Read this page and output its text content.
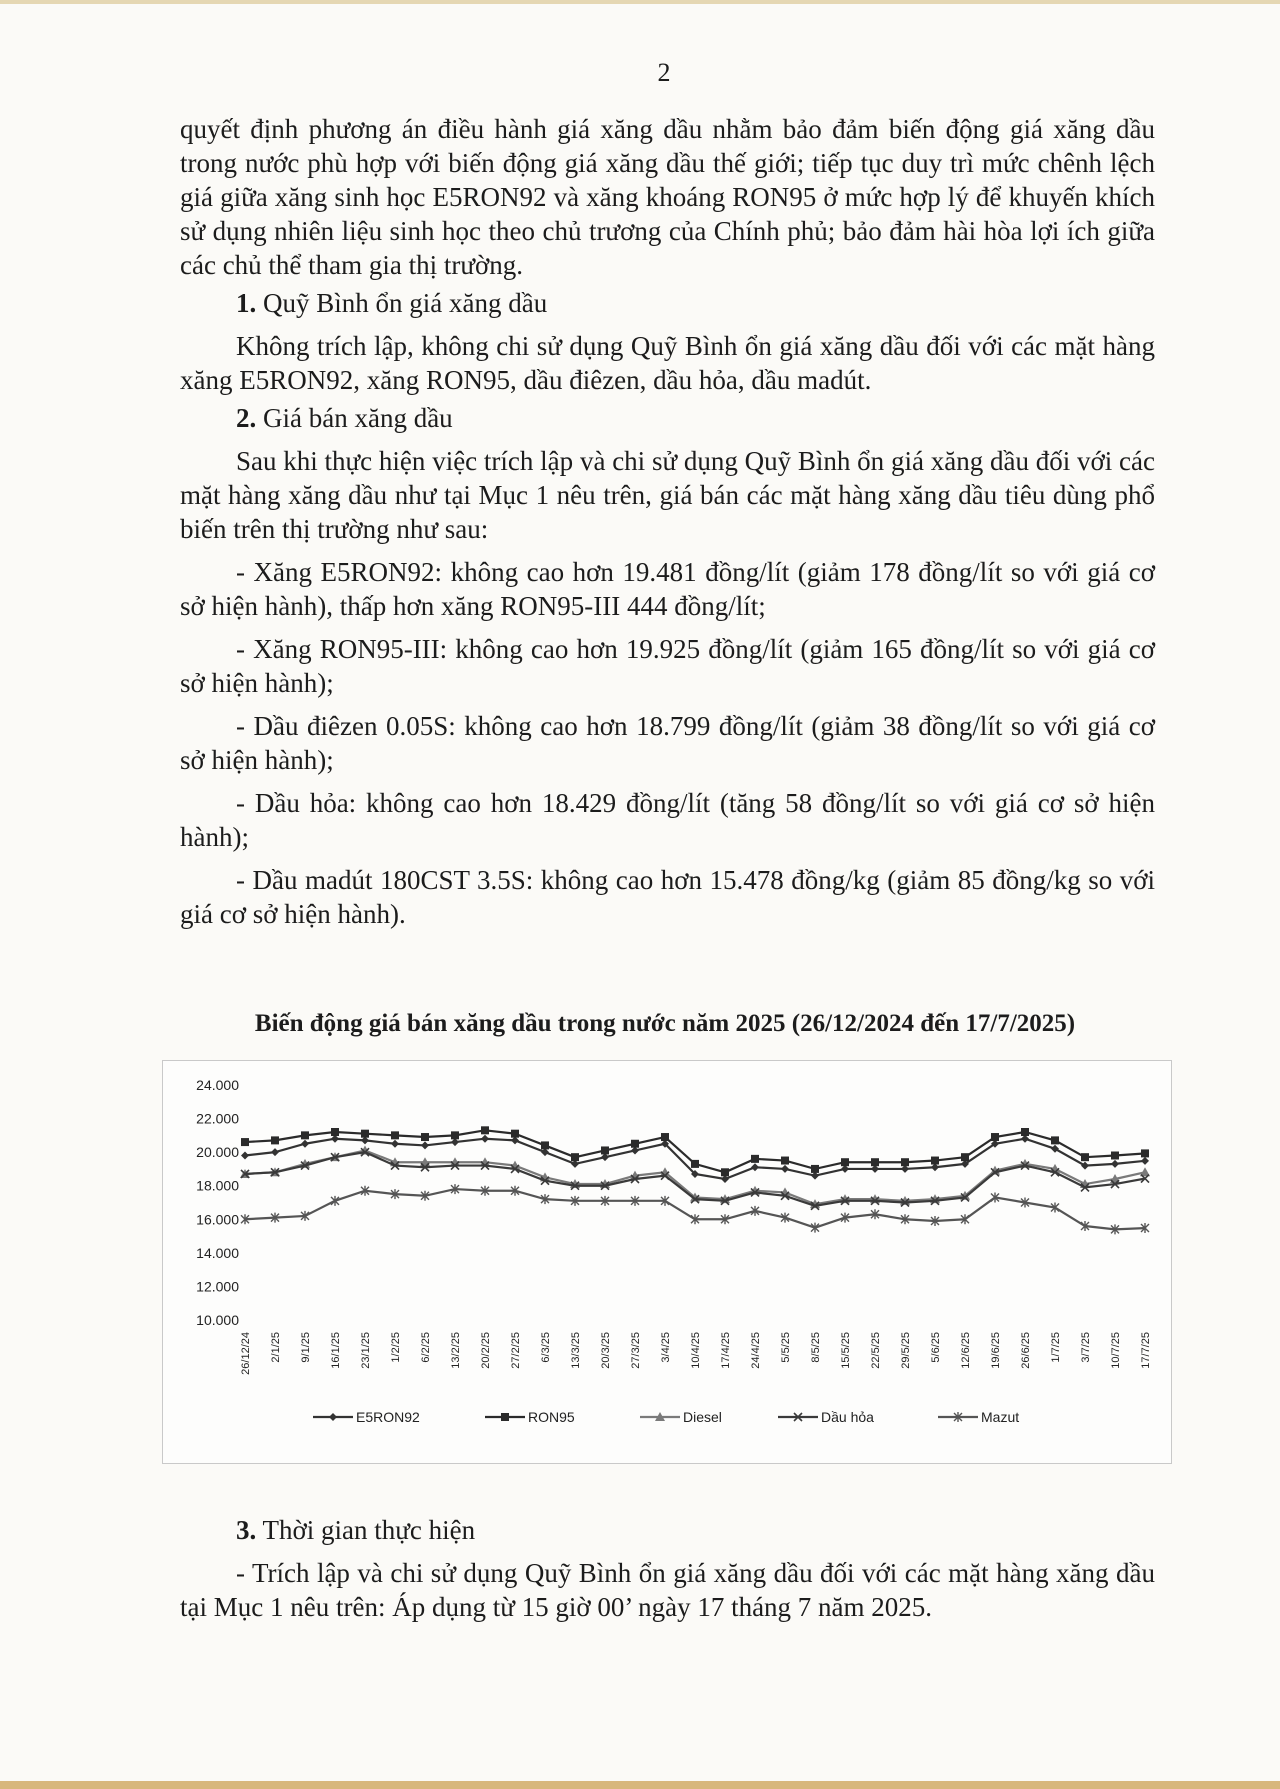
2

quyết định phương án điều hành giá xăng dầu nhằm bảo đảm biến động giá xăng dầu trong nước phù hợp với biến động giá xăng dầu thế giới; tiếp tục duy trì mức chênh lệch giá giữa xăng sinh học E5RON92 và xăng khoáng RON95 ở mức hợp lý để khuyến khích sử dụng nhiên liệu sinh học theo chủ trương của Chính phủ; bảo đảm hài hòa lợi ích giữa các chủ thể tham gia thị trường.

1. Quỹ Bình ổn giá xăng dầu

Không trích lập, không chi sử dụng Quỹ Bình ổn giá xăng dầu đối với các mặt hàng xăng E5RON92, xăng RON95, dầu điêzen, dầu hỏa, dầu madút.

2. Giá bán xăng dầu

Sau khi thực hiện việc trích lập và chi sử dụng Quỹ Bình ổn giá xăng dầu đối với các mặt hàng xăng dầu như tại Mục 1 nêu trên, giá bán các mặt hàng xăng dầu tiêu dùng phổ biến trên thị trường như sau:

- Xăng E5RON92: không cao hơn 19.481 đồng/lít (giảm 178 đồng/lít so với giá cơ sở hiện hành), thấp hơn xăng RON95-III 444 đồng/lít;

- Xăng RON95-III: không cao hơn 19.925 đồng/lít (giảm 165 đồng/lít so với giá cơ sở hiện hành);

- Dầu điêzen 0.05S: không cao hơn 18.799 đồng/lít (giảm 38 đồng/lít so với giá cơ sở hiện hành);

- Dầu hỏa: không cao hơn 18.429 đồng/lít (tăng 58 đồng/lít so với giá cơ sở hiện hành);

- Dầu madút 180CST 3.5S: không cao hơn 15.478 đồng/kg (giảm 85 đồng/kg so với giá cơ sở hiện hành).

Biến động giá bán xăng dầu trong nước năm 2025 (26/12/2024 đến 17/7/2025)
10.000
12.000
14.000
16.000
18.000
20.000
22.000
24.000
26/12/24 2/1/25 9/1/25 16/1/25 23/1/25 1/2/25 6/2/25 13/2/25 20/2/25 27/2/25 6/3/25 13/3/25 20/3/25 27/3/25 3/4/25 10/4/25 17/4/25 24/4/25 5/5/25 8/5/25 15/5/25 22/5/25 29/5/25 5/6/25 12/6/25 19/6/25 26/6/25 1/7/25 3/7/25 10/7/25 17/7/25
E5RON92	RON95	Diesel	Dầu hỏa	Mazut

3. Thời gian thực hiện

- Trích lập và chi sử dụng Quỹ Bình ổn giá xăng dầu đối với các mặt hàng xăng dầu tại Mục 1 nêu trên: Áp dụng từ 15 giờ 00’ ngày 17 tháng 7 năm 2025.
